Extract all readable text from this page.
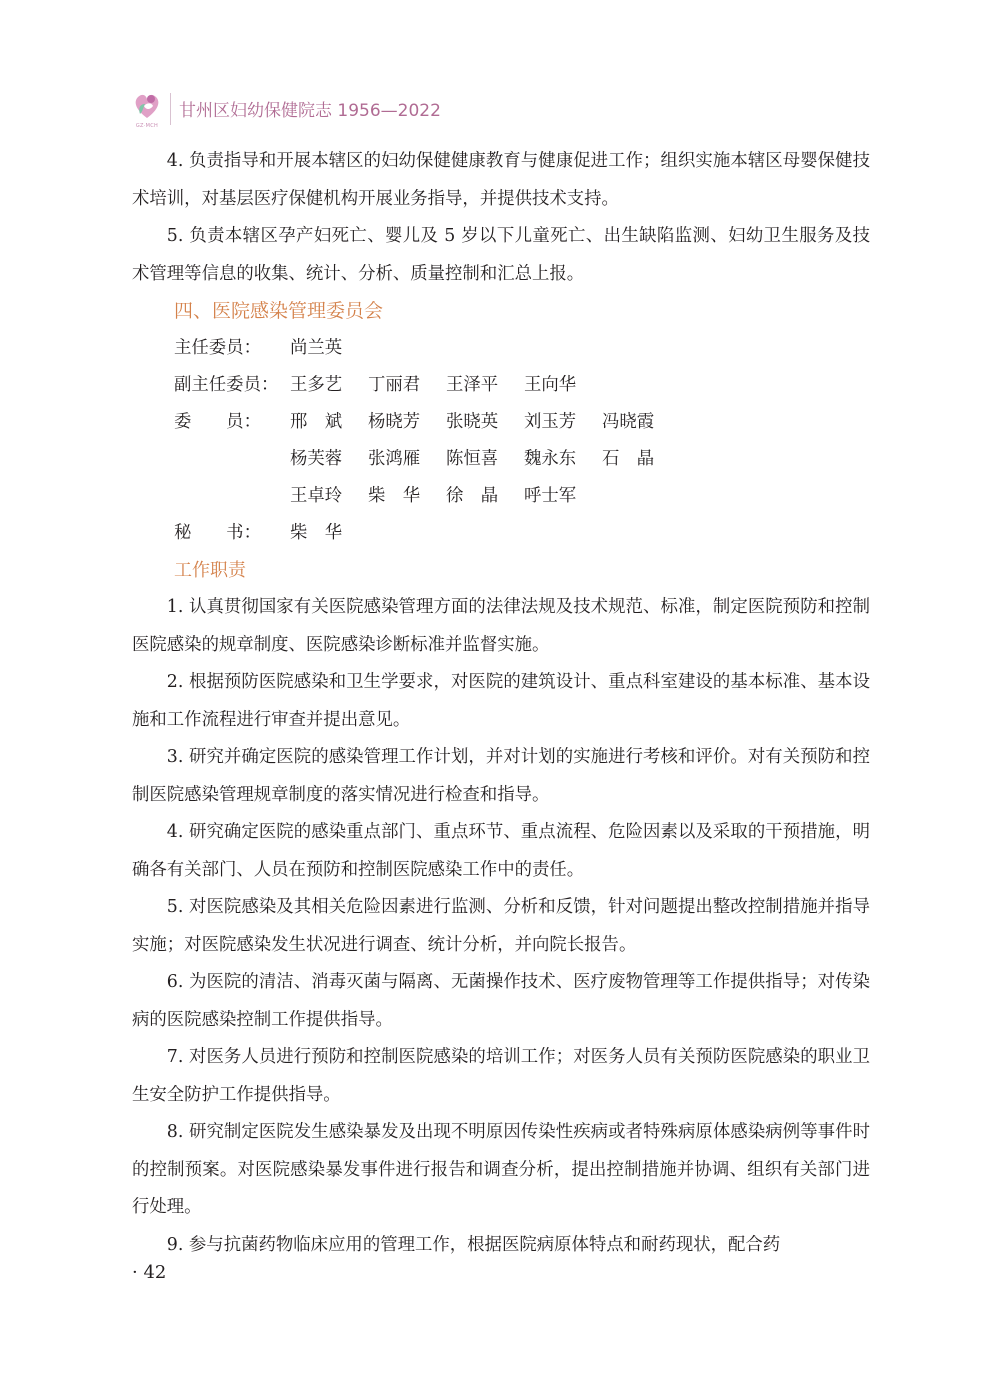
GZ·MCH
甘州区妇幼保健院志 1956—2022

4. 负责指导和开展本辖区的妇幼保健健康教育与健康促进工作；组织实施本辖区母婴保健技术培训，对基层医疗保健机构开展业务指导，并提供技术支持。

5. 负责本辖区孕产妇死亡、婴儿及 5 岁以下儿童死亡、出生缺陷监测、妇幼卫生服务及技术管理等信息的收集、统计、分析、质量控制和汇总上报。

四、医院感染管理委员会

主任委员：	尚兰英
副主任委员： 王多艺	丁丽君	王泽平	王向华
委　　员：	邢　斌	杨晓芳	张晓英	刘玉芳	冯晓霞
杨芙蓉	张鸿雁	陈恒喜	魏永东	石　晶
王卓玲	柴　华	徐　晶	呼士军
秘　　书：	柴　华

工作职责

1. 认真贯彻国家有关医院感染管理方面的法律法规及技术规范、标准，制定医院预防和控制医院感染的规章制度、医院感染诊断标准并监督实施。

2. 根据预防医院感染和卫生学要求，对医院的建筑设计、重点科室建设的基本标准、基本设施和工作流程进行审查并提出意见。

3. 研究并确定医院的感染管理工作计划，并对计划的实施进行考核和评价。对有关预防和控制医院感染管理规章制度的落实情况进行检查和指导。

4. 研究确定医院的感染重点部门、重点环节、重点流程、危险因素以及采取的干预措施，明确各有关部门、人员在预防和控制医院感染工作中的责任。

5. 对医院感染及其相关危险因素进行监测、分析和反馈，针对问题提出整改控制措施并指导实施；对医院感染发生状况进行调查、统计分析，并向院长报告。

6. 为医院的清洁、消毒灭菌与隔离、无菌操作技术、医疗废物管理等工作提供指导；对传染病的医院感染控制工作提供指导。

7. 对医务人员进行预防和控制医院感染的培训工作；对医务人员有关预防医院感染的职业卫生安全防护工作提供指导。

8. 研究制定医院发生感染暴发及出现不明原因传染性疾病或者特殊病原体感染病例等事件时的控制预案。对医院感染暴发事件进行报告和调查分析，提出控制措施并协调、组织有关部门进行处理。

9. 参与抗菌药物临床应用的管理工作，根据医院病原体特点和耐药现状，配合药

· 42
